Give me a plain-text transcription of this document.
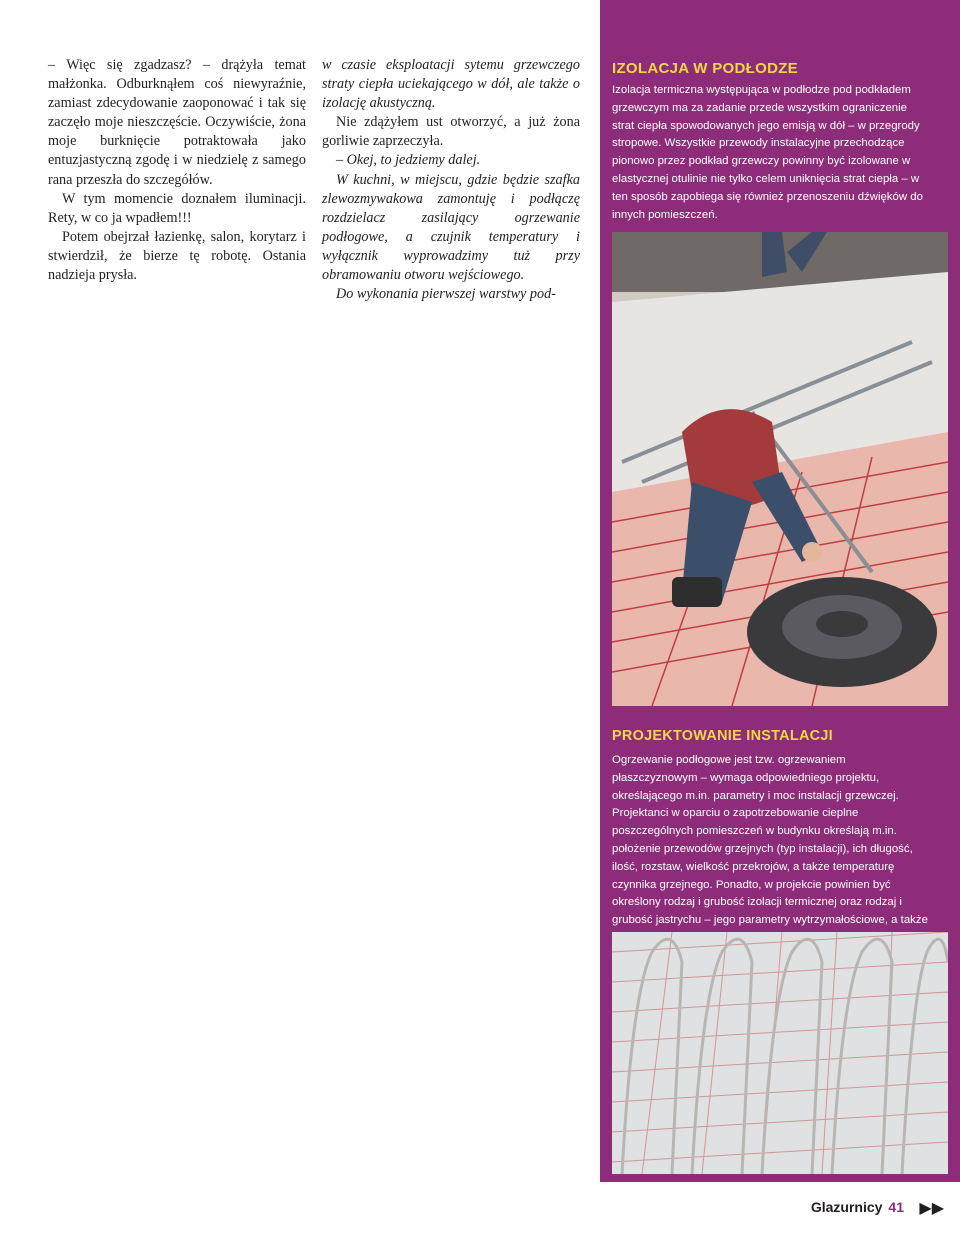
– Więc się zgadzasz? – drążyła temat małżonka. Odburknąłem coś niewyraźnie, zamiast zdecydowanie zaoponować i tak się zaczęło moje nieszczęście. Oczywiście, żona moje burknięcie potraktowała jako entuzjastyczną zgodę i w niedzielę z samego rana przeszła do szczegółów.

W tym momencie doznałem iluminacji. Rety, w co ja wpadłem!!!

Potem obejrzał łazienkę, salon, korytarz i stwierdził, że bierze tę robotę. Ostania nadzieja prysła.

w czasie eksploatacji sytemu grzewczego straty ciepła uciekającego w dół, ale także o izolację akustyczną.

Nie zdążyłem ust otworzyć, a już żona gorliwie zaprzeczyła.

– Okej, to jedziemy dalej.

W kuchni, w miejscu, gdzie będzie szafka zlewozmywakowa zamontuję i podłączę rozdzielacz zasilający ogrzewanie podłogowe, a czujnik temperatury i wyłącznik wyprowadzimy tuż przy obramowaniu otworu wejściowego.

Do wykonania pierwszej warstwy pod-

IZOLACJA W PODŁODZE
Izolacja termiczna występująca w podłodze pod podkładem grzewczym ma za zadanie przede wszystkim ograniczenie strat ciepła spowodowanych jego emisją w dół – w przegrody stropowe. Wszystkie przewody instalacyjne przechodzące pionowo przez podkład grzewczy powinny być izolowane w elastycznej otulinie nie tylko celem uniknięcia strat ciepła – w ten sposób zapobiega się również przenoszeniu dźwięków do innych pomieszczeń.
PROJEKTOWANIE INSTALACJI
Ogrzewanie podłogowe jest tzw. ogrzewaniem płaszczyznowym – wymaga odpowiedniego projektu, określającego m.in. parametry i moc instalacji grzewczej. Projektanci w oparciu o zapotrzebowanie cieplne poszczególnych pomieszczeń w budynku określają m.in. położenie przewodów grzejnych (typ instalacji), ich długość, ilość, rozstaw, wielkość przekrojów, a także temperaturę czynnika grzejnego. Ponadto, w projekcie powinien być określony rodzaj i grubość izolacji termicznej oraz rodzaj i grubość jastrychu – jego parametry wytrzymałościowe, a także
Glazurnicy 41 ▶▶
